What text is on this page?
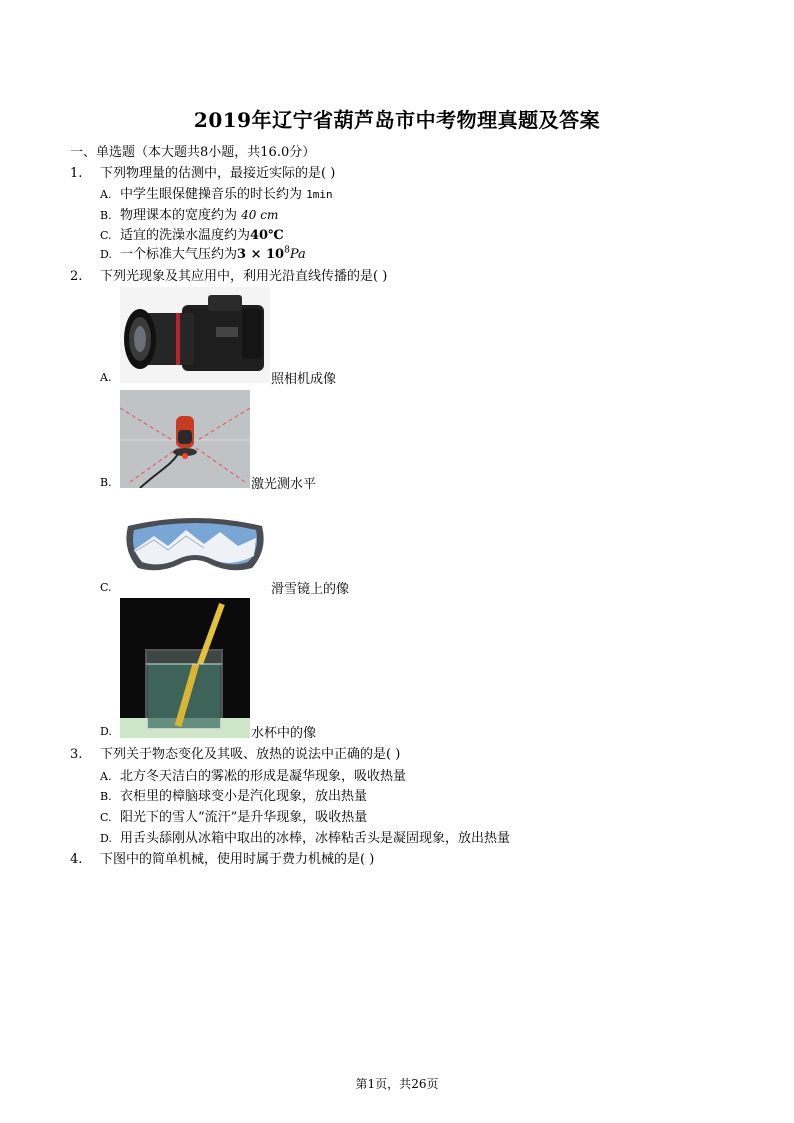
2019年辽宁省葫芦岛市中考物理真题及答案
一、单选题（本大题共8小题，共16.0分）
1. 下列物理量的估测中，最接近实际的是( )
A. 中学生眼保健操音乐的时长约为 1min
B. 物理课本的宽度约为 40 cm
C. 适宜的洗澡水温度约为40℃
D. 一个标准大气压约为$3 \times 10^8Pa$
2. 下列光现象及其应用中，利用光沿直线传播的是( )
A.	照相机成像
B.	激光测水平
C.	滑雪镜上的像
D.	水杯中的像
3. 下列关于物态变化及其吸、放热的说法中正确的是( )
A. 北方冬天洁白的雾凇的形成是凝华现象，吸收热量
B. 衣柜里的樟脑球变小是汽化现象，放出热量
C. 阳光下的雪人“流汗”是升华现象，吸收热量
D. 用舌头舔刚从冰箱中取出的冰棒，冰棒粘舌头是凝固现象，放出热量
4. 下图中的简单机械，使用时属于费力机械的是( )
第1页，共26页
